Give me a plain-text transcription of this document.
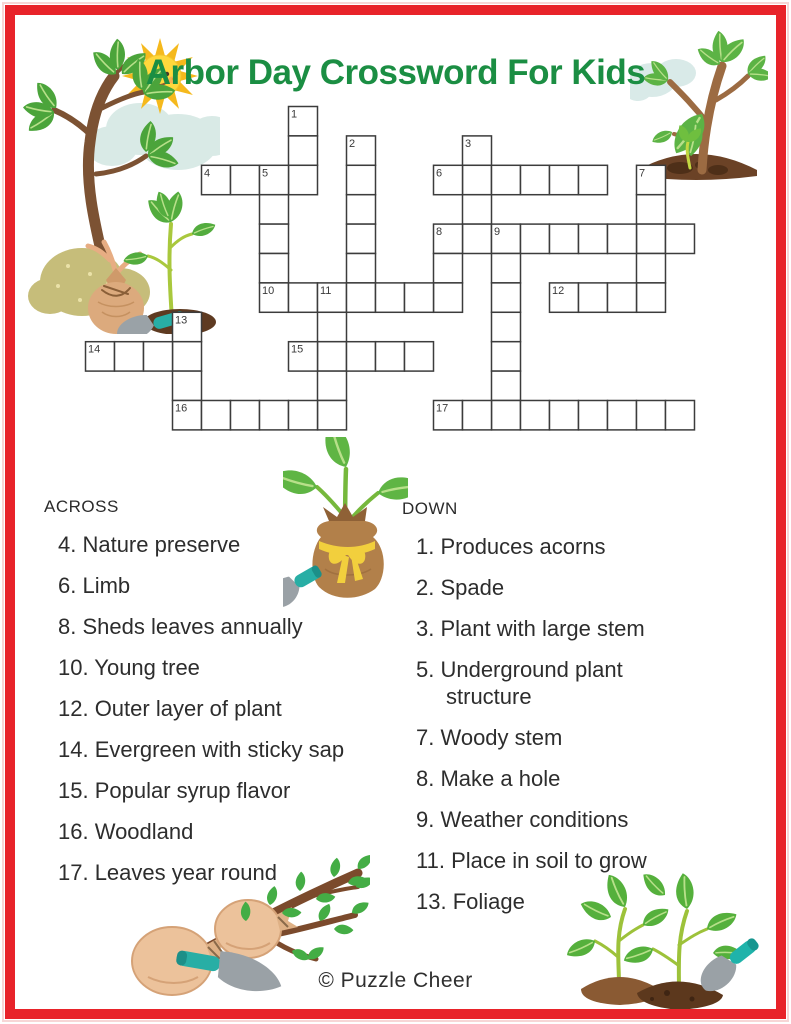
Arbor Day Crossword For Kids
1
2	3
4	5	6	7
8	9
10	11	12
13
14	15
16	17
ACROSS
4. Nature preserve
6. Limb
8. Sheds leaves annually
10. Young tree
12. Outer layer of plant
14. Evergreen with sticky sap
15. Popular syrup flavor
16. Woodland
17. Leaves year round
DOWN
1. Produces acorns
2. Spade
3. Plant with large stem
5. Underground plant structure
7. Woody stem
8. Make a hole
9. Weather conditions
11. Place in soil to grow
13. Foliage
© Puzzle Cheer
